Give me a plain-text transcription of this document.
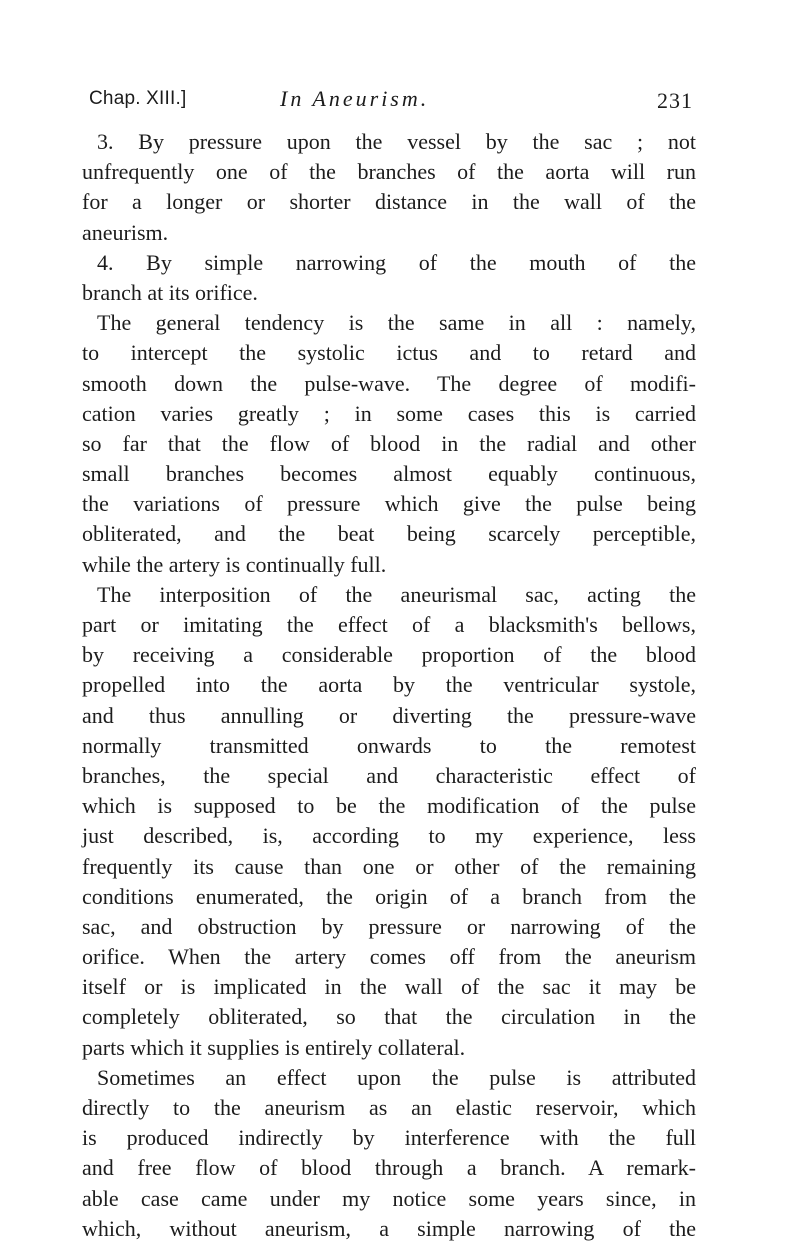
Chap. XIII.]	In Aneurism.	231
3. By pressure upon the vessel by the sac ; not
unfrequently one of the branches of the aorta will run
for a longer or shorter distance in the wall of the
aneurism.
4. By simple narrowing of the mouth of the
branch at its orifice.
The general tendency is the same in all : namely,
to intercept the systolic ictus and to retard and
smooth down the pulse-wave. The degree of modifi-
cation varies greatly ; in some cases this is carried
so far that the flow of blood in the radial and other
small branches becomes almost equably continuous,
the variations of pressure which give the pulse being
obliterated, and the beat being scarcely perceptible,
while the artery is continually full.
The interposition of the aneurismal sac, acting the
part or imitating the effect of a blacksmith's bellows,
by receiving a considerable proportion of the blood
propelled into the aorta by the ventricular systole,
and thus annulling or diverting the pressure-wave
normally transmitted onwards to the remotest
branches, the special and characteristic effect of
which is supposed to be the modification of the pulse
just described, is, according to my experience, less
frequently its cause than one or other of the remaining
conditions enumerated, the origin of a branch from the
sac, and obstruction by pressure or narrowing of the
orifice. When the artery comes off from the aneurism
itself or is implicated in the wall of the sac it may be
completely obliterated, so that the circulation in the
parts which it supplies is entirely collateral.
Sometimes an effect upon the pulse is attributed
directly to the aneurism as an elastic reservoir, which
is produced indirectly by interference with the full
and free flow of blood through a branch. A remark-
able case came under my notice some years since, in
which, without aneurism, a simple narrowing of the
